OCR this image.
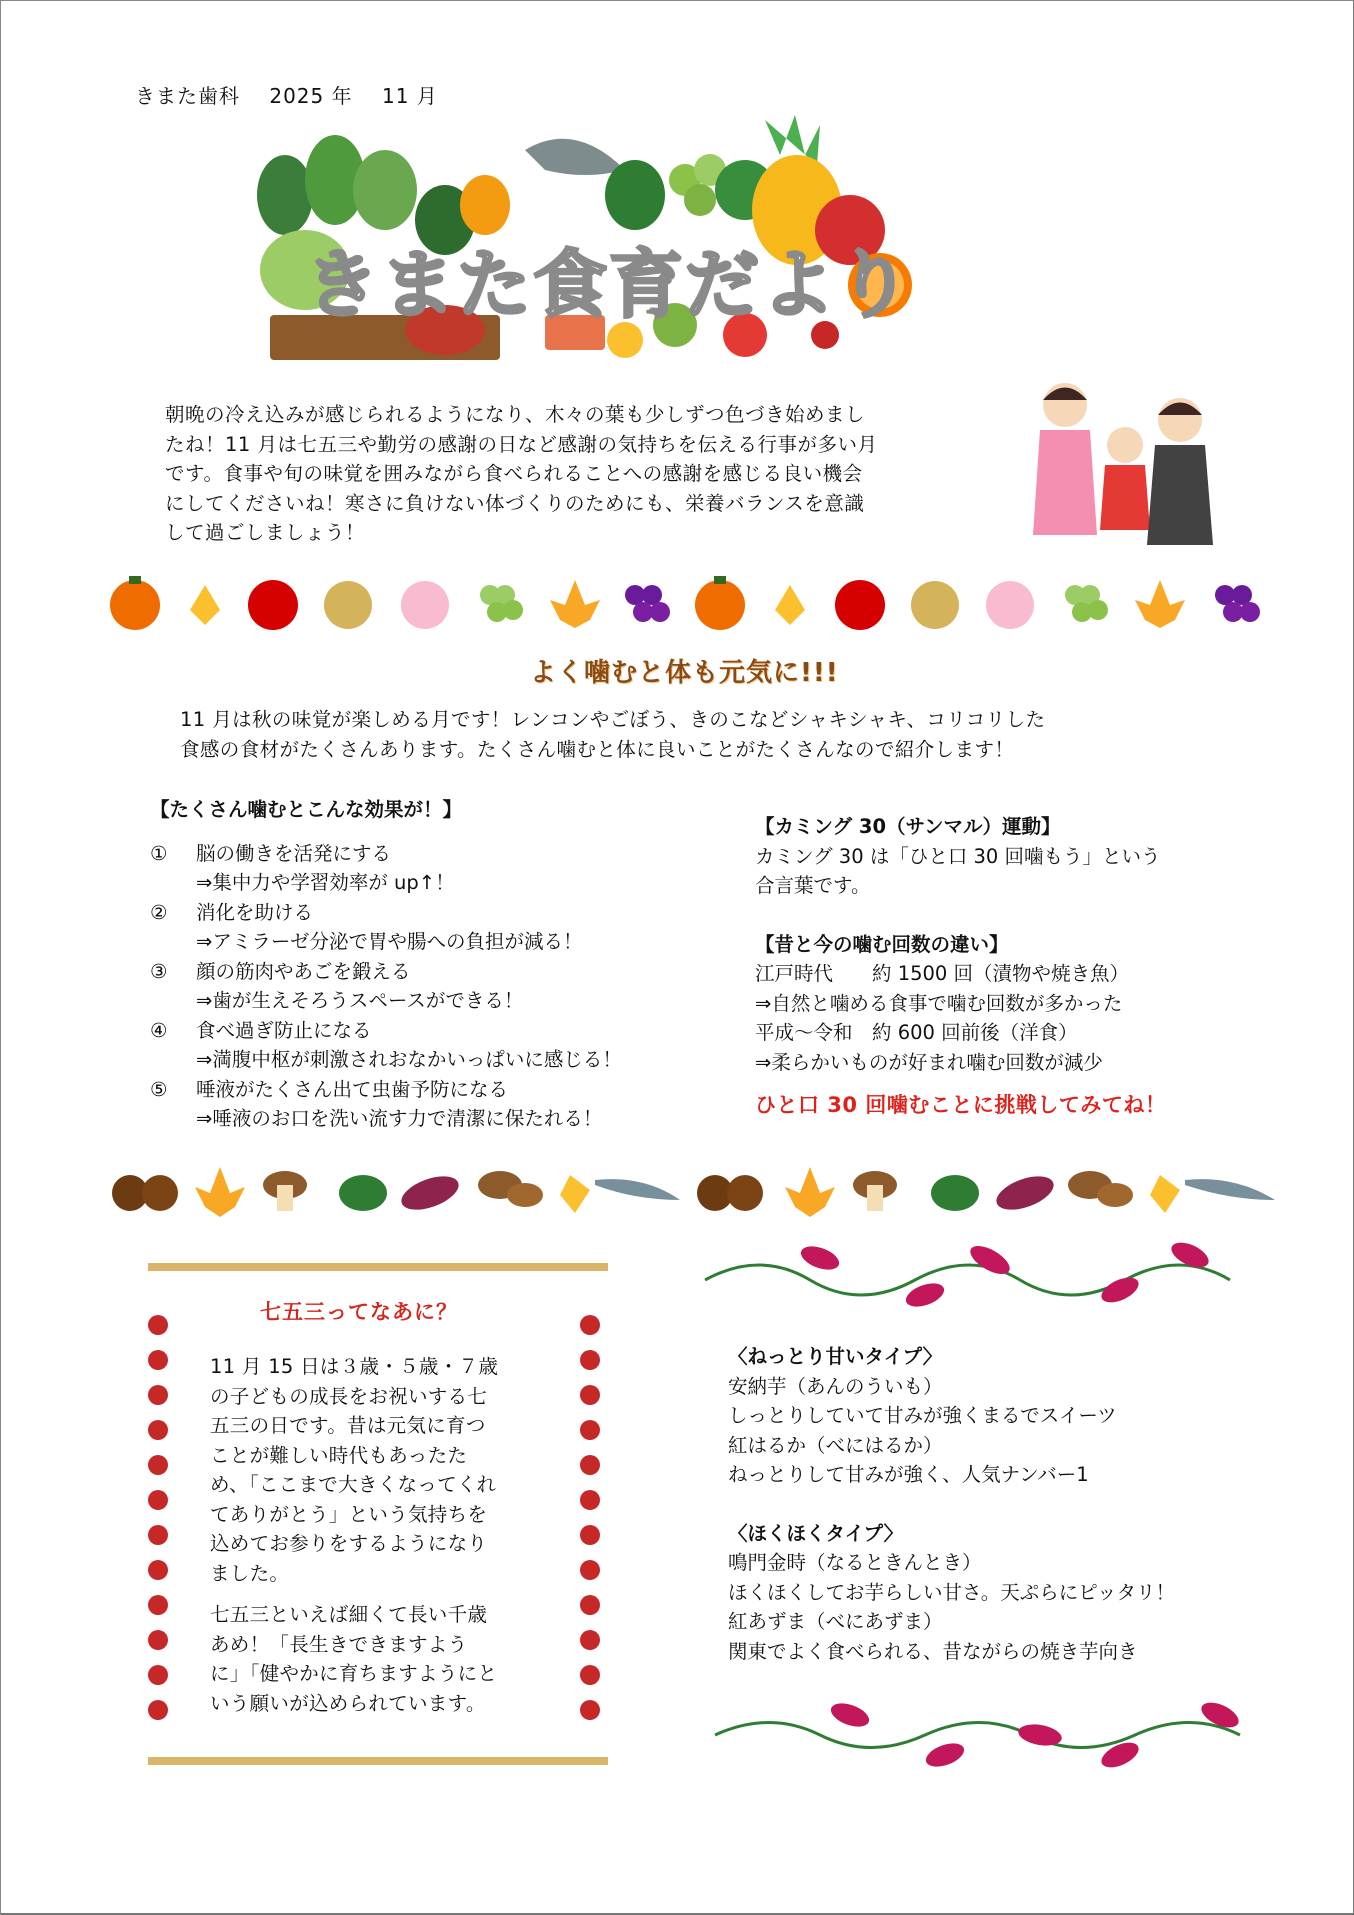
きまた歯科 2025 年 11 月
きまた食育だより
朝晩の冷え込みが感じられるようになり、木々の葉も少しずつ色づき始めまし
たね！11 月は七五三や勤労の感謝の日など感謝の気持ちを伝える行事が多い月
です。食事や旬の味覚を囲みながら食べられることへの感謝を感じる良い機会
にしてくださいね！寒さに負けない体づくりのためにも、栄養バランスを意識
して過ごしましょう！
よく噛むと体も元気に!!!
11 月は秋の味覚が楽しめる月です！レンコンやごぼう、きのこなどシャキシャキ、コリコリした
食感の食材がたくさんあります。たくさん噛むと体に良いことがたくさんなので紹介します！
【たくさん噛むとこんな効果が！】
①	脳の働きを活発にする
⇒集中力や学習効率が up↑！
②	消化を助ける
⇒アミラーゼ分泌で胃や腸への負担が減る！
③	顔の筋肉やあごを鍛える
⇒歯が生えそろうスペースができる！
④	食べ過ぎ防止になる
⇒満腹中枢が刺激されおなかいっぱいに感じる！
⑤	唾液がたくさん出て虫歯予防になる
⇒唾液のお口を洗い流す力で清潔に保たれる！
【カミング 30（サンマル）運動】
カミング 30 は「ひと口 30 回噛もう」という
合言葉です。
【昔と今の噛む回数の違い】
江戸時代　　約 1500 回（漬物や焼き魚）
⇒自然と噛める食事で噛む回数が多かった
平成～令和　約 600 回前後（洋食）
⇒柔らかいものが好まれ噛む回数が減少
ひと口 30 回噛むことに挑戦してみてね！
七五三ってなあに？

11 月 15 日は３歳・５歳・７歳
の子どもの成長をお祝いする七
五三の日です。昔は元気に育つ
ことが難しい時代もあったた
め、「ここまで大きくなってくれ
てありがとう」という気持ちを
込めてお参りをするようになり
ました。

七五三といえば細くて長い千歳
あめ！「長生きできますよう
に」「健やかに育ちますようにと
いう願いが込められています。

〈ねっとり甘いタイプ〉
安納芋（あんのういも）
しっとりしていて甘みが強くまるでスイーツ
紅はるか（べにはるか）
ねっとりして甘みが強く、人気ナンバー1
〈ほくほくタイプ〉
鳴門金時（なるときんとき）
ほくほくしてお芋らしい甘さ。天ぷらにピッタリ！
紅あずま（べにあずま）
関東でよく食べられる、昔ながらの焼き芋向き
